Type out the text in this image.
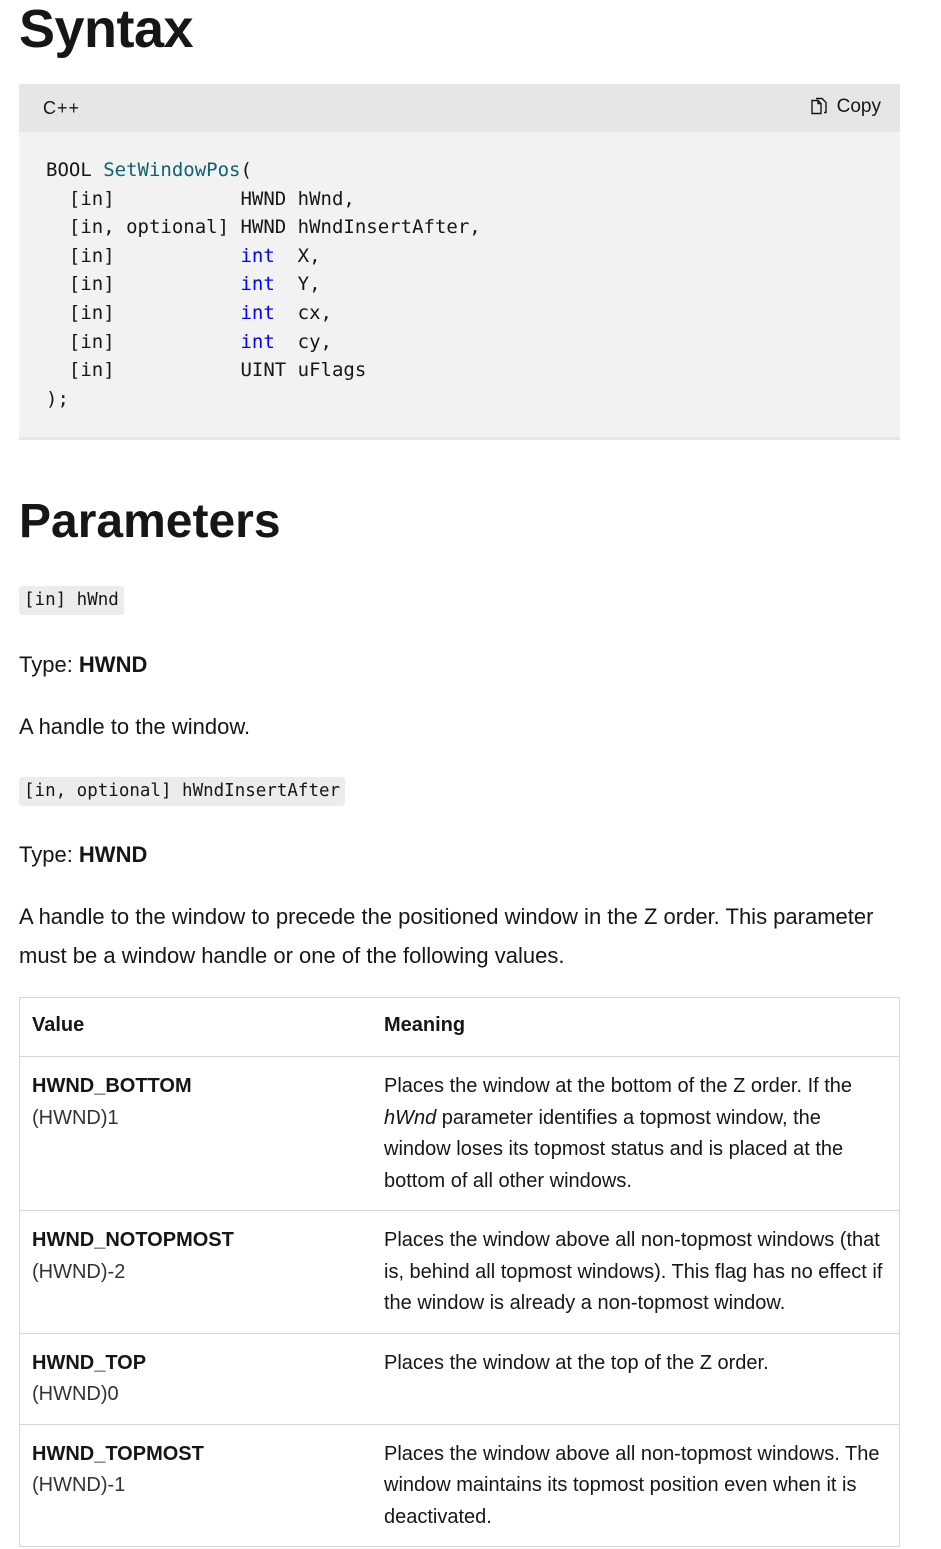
Syntax
C++	Copy
BOOL SetWindowPos(
[in]           HWND hWnd,
[in, optional] HWND hWndInsertAfter,
[in]           int  X,
[in]           int  Y,
[in]           int  cx,
[in]           int  cy,
[in]           UINT uFlags
);
Parameters
[in] hWnd
Type: HWND
A handle to the window.
[in, optional] hWndInsertAfter
Type: HWND
A handle to the window to precede the positioned window in the Z order. This parameter must be a window handle or one of the following values.
Value	Meaning

HWND_BOTTOM
(HWND)1	Places the window at the bottom of the Z order. If the hWnd parameter identifies a topmost window, the window loses its topmost status and is placed at the bottom of all other windows.

HWND_NOTOPMOST
(HWND)-2	Places the window above all non-topmost windows (that is, behind all topmost windows). This flag has no effect if the window is already a non-topmost window.

HWND_TOP
(HWND)0	Places the window at the top of the Z order.

HWND_TOPMOST
(HWND)-1	Places the window above all non-topmost windows. The window maintains its topmost position even when it is deactivated.
